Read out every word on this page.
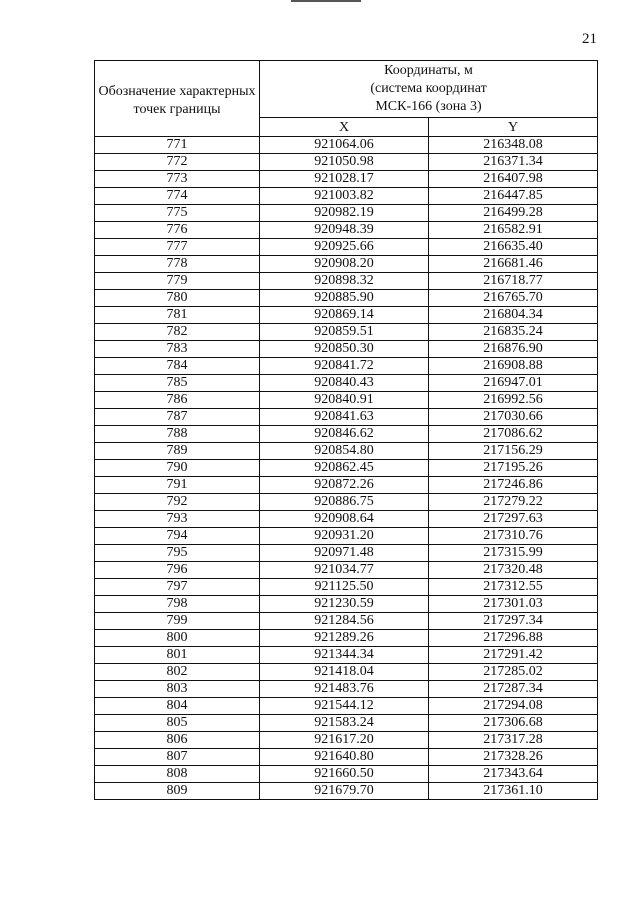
21
Обозначение характерных точек границы	Координаты, м
(система координат
МСК-166 (зона 3)	

	X	Y
771	921064.06	216348.08
772	921050.98	216371.34
773	921028.17	216407.98
774	921003.82	216447.85
775	920982.19	216499.28
776	920948.39	216582.91
777	920925.66	216635.40
778	920908.20	216681.46
779	920898.32	216718.77
780	920885.90	216765.70
781	920869.14	216804.34
782	920859.51	216835.24
783	920850.30	216876.90
784	920841.72	216908.88
785	920840.43	216947.01
786	920840.91	216992.56
787	920841.63	217030.66
788	920846.62	217086.62
789	920854.80	217156.29
790	920862.45	217195.26
791	920872.26	217246.86
792	920886.75	217279.22
793	920908.64	217297.63
794	920931.20	217310.76
795	920971.48	217315.99
796	921034.77	217320.48
797	921125.50	217312.55
798	921230.59	217301.03
799	921284.56	217297.34
800	921289.26	217296.88
801	921344.34	217291.42
802	921418.04	217285.02
803	921483.76	217287.34
804	921544.12	217294.08
805	921583.24	217306.68
806	921617.20	217317.28
807	921640.80	217328.26
808	921660.50	217343.64
809	921679.70	217361.10
